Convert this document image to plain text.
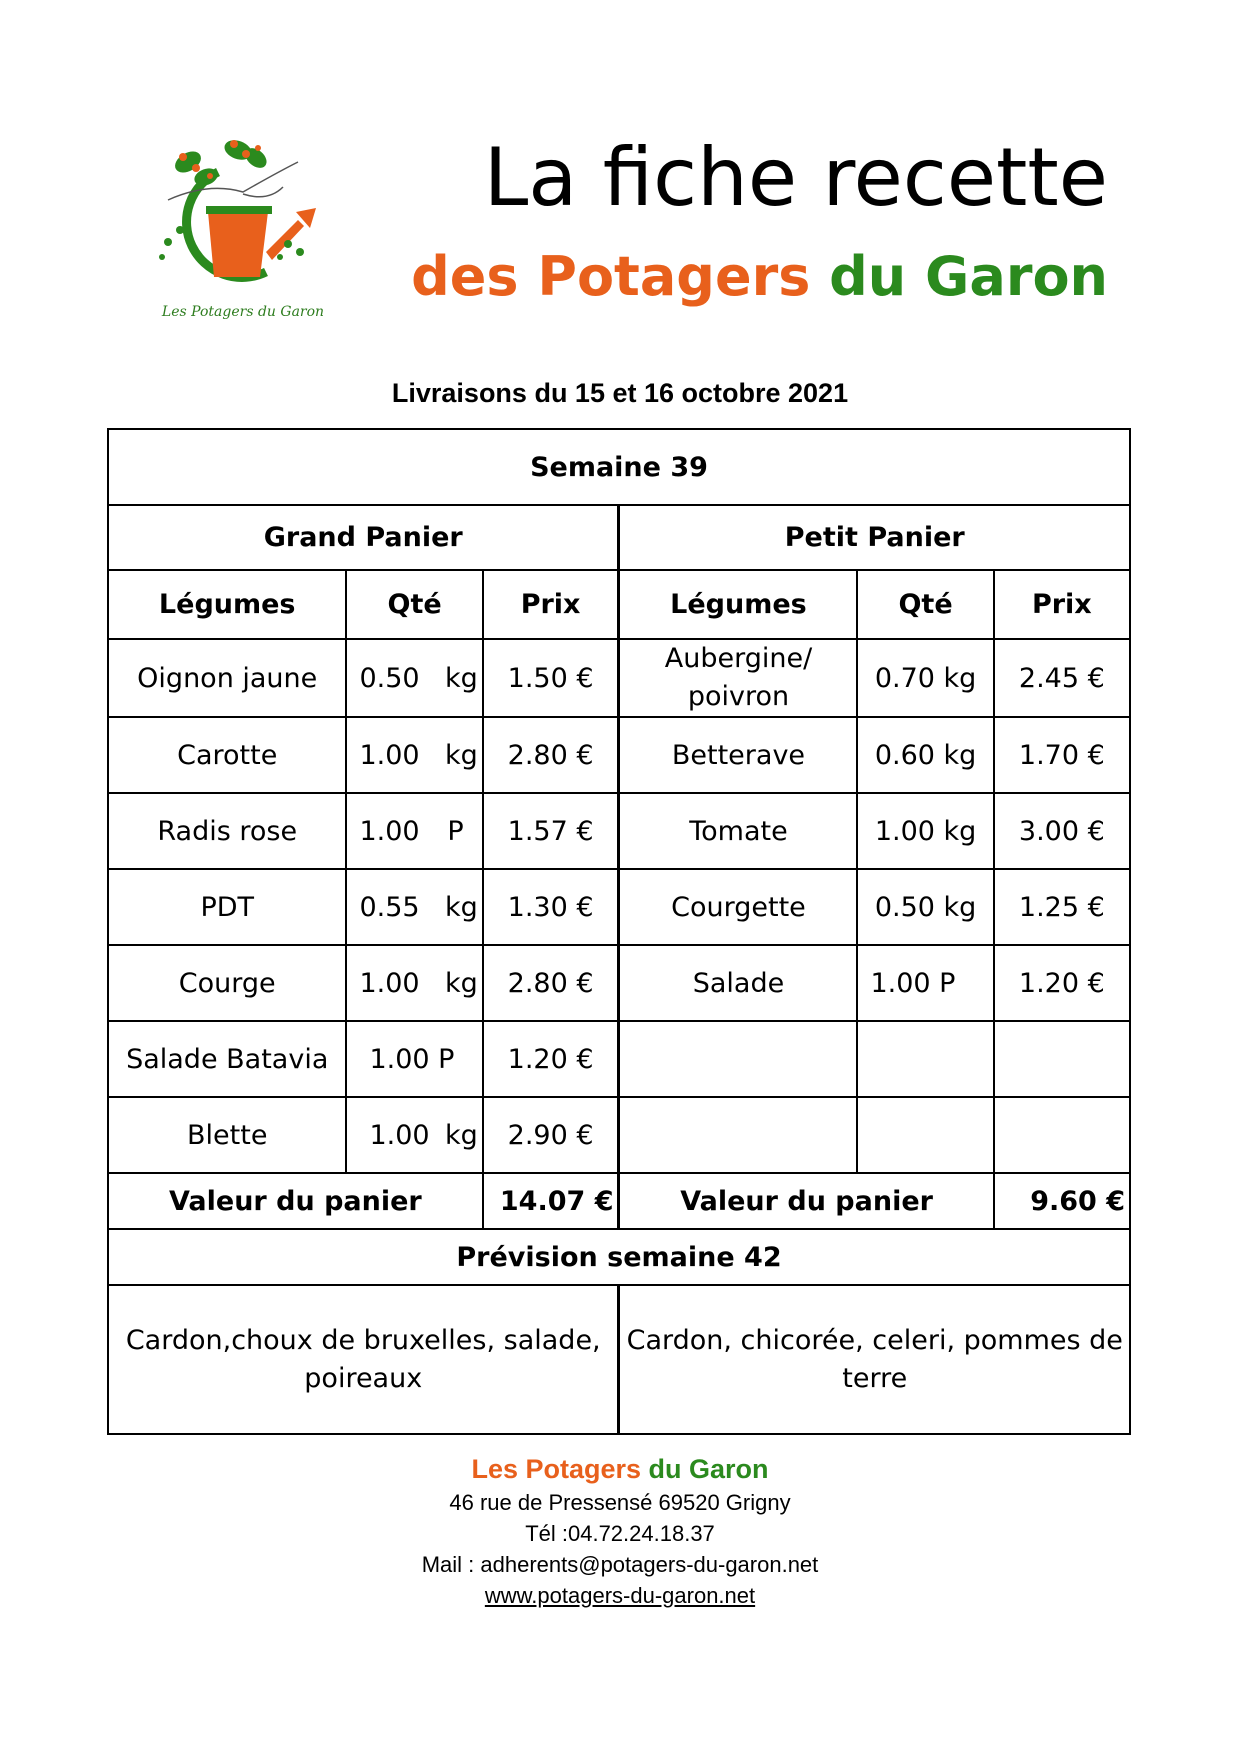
Les Potagers du Garon
La fiche recette
des Potagers du Garon
Livraisons du 15 et 16 octobre 2021
Semaine 39					
Grand Panier			Petit Panier		
Légumes	Qté	Prix	Légumes	Qté	Prix
Oignon jaune	0.50 kg	1.50 €	Aubergine/ poivron	0.70 kg	2.45 €
Carotte	1.00 kg	2.80 €	Betterave	0.60 kg	1.70 €
Radis rose	1.00 P	1.57 €	Tomate	1.00 kg	3.00 €
PDT	0.55 kg	1.30 €	Courgette	0.50 kg	1.25 €
Courge	1.00 kg	2.80 €	Salade	1.00 P	1.20 €
Salade Batavia	1.00 P	1.20 €			
Blette	1.00 kg	2.90 €			
Valeur du panier		14.07 €	Valeur du panier		9.60 €
Prévision semaine 42					
Cardon,choux de bruxelles, salade, poireaux			Cardon, chicorée, celeri, pommes de terre		
Les Potagers du Garon
46 rue de Pressensé 69520 Grigny
Tél :04.72.24.18.37
Mail : adherents@potagers-du-garon.net
www.potagers-du-garon.net
